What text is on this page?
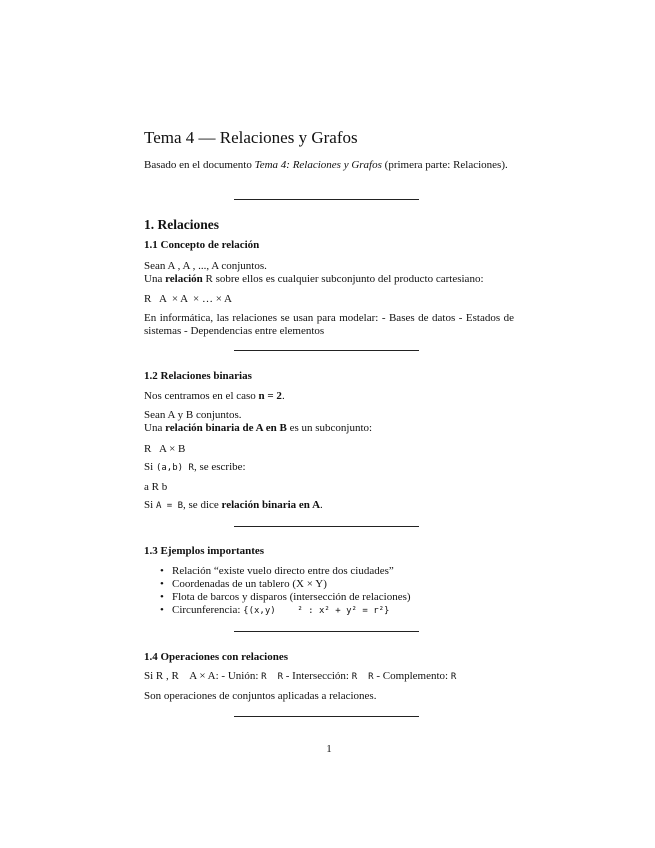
Tema 4 — Relaciones y Grafos

Basado en el documento Tema 4: Relaciones y Grafos (primera parte: Relaciones).

1. Relaciones
1.1 Concepto de relación

Sean A , A , ..., A conjuntos.

Una relación R sobre ellos es cualquier subconjunto del producto cartesiano:

R   A  × A  × … × A

En informática, las relaciones se usan para modelar: - Bases de datos - Estados de sistemas - Dependencias entre elementos

1.2 Relaciones binarias

Nos centramos en el caso n = 2.

Sean A y B conjuntos.

Una relación binaria de A en B es un subconjunto:

R   A × B

Si (a,b) R, se escribe:

a R b

Si A = B, se dice relación binaria en A.

1.3 Ejemplos importantes
• Relación “existe vuelo directo entre dos ciudades”
• Coordenadas de un tablero (X × Y)
• Flota de barcos y disparos (intersección de relaciones)
• Circunferencia: {(x,y)    ² : x² + y² = r²}
1.4 Operaciones con relaciones

Si R , R    A × A: - Unión: R R - Intersección: R R - Complemento: R

Son operaciones de conjuntos aplicadas a relaciones.

1
